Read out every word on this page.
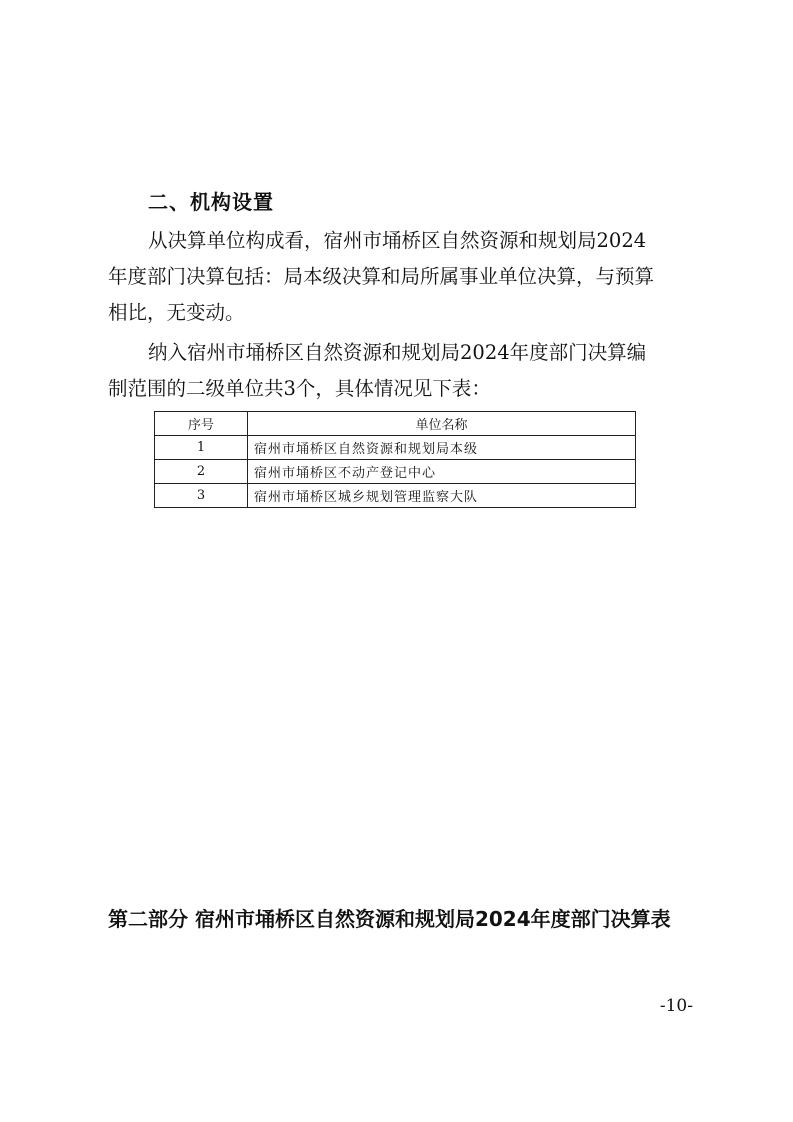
二、机构设置
从决算单位构成看，宿州市埇桥区自然资源和规划局2024
年度部门决算包括：局本级决算和局所属事业单位决算，与预算
相比，无变动。
纳入宿州市埇桥区自然资源和规划局2024年度部门决算编
制范围的二级单位共3个，具体情况见下表：
序号	单位名称
1	宿州市埇桥区自然资源和规划局本级
2	宿州市埇桥区不动产登记中心
3	宿州市埇桥区城乡规划管理监察大队
第二部分 宿州市埇桥区自然资源和规划局2024年度部门决算表
-10-
